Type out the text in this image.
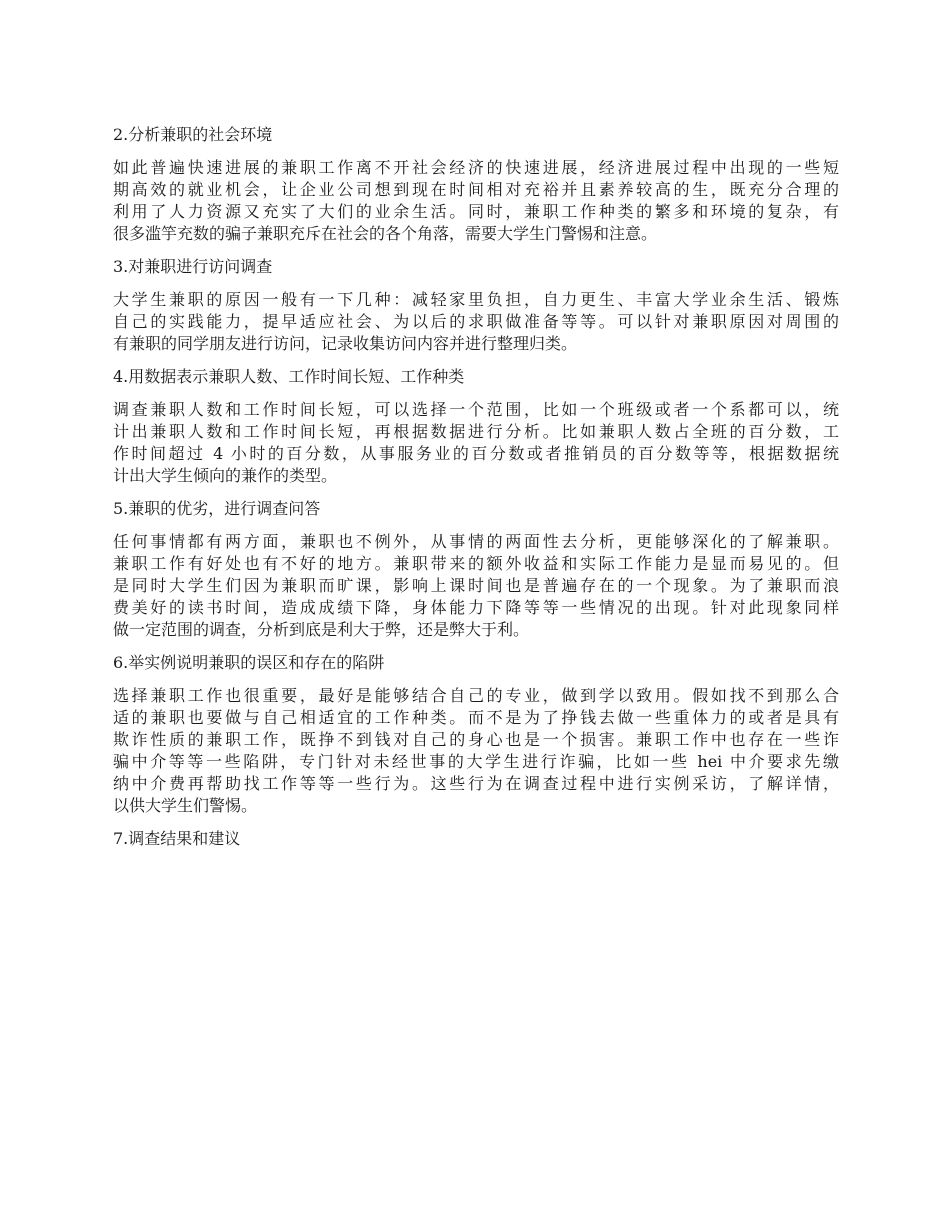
2.分析兼职的社会环境
如此普遍快速进展的兼职工作离不开社会经济的快速进展，经济进展过程中出现的一些短
期高效的就业机会，让企业公司想到现在时间相对充裕并且素养较高的生，既充分合理的
利用了人力资源又充实了大们的业余生活。同时，兼职工作种类的繁多和环境的复杂，有
很多滥竽充数的骗子兼职充斥在社会的各个角落，需要大学生门警惕和注意。
3.对兼职进行访问调查
大学生兼职的原因一般有一下几种：减轻家里负担，自力更生、丰富大学业余生活、锻炼
自己的实践能力，提早适应社会、为以后的求职做准备等等。可以针对兼职原因对周围的
有兼职的同学朋友进行访问，记录收集访问内容并进行整理归类。
4.用数据表示兼职人数、工作时间长短、工作种类
调查兼职人数和工作时间长短，可以选择一个范围，比如一个班级或者一个系都可以，统
计出兼职人数和工作时间长短，再根据数据进行分析。比如兼职人数占全班的百分数，工
作时间超过 4 小时的百分数，从事服务业的百分数或者推销员的百分数等等，根据数据统
计出大学生倾向的兼作的类型。
5.兼职的优劣，进行调查问答
任何事情都有两方面，兼职也不例外，从事情的两面性去分析，更能够深化的了解兼职。
兼职工作有好处也有不好的地方。兼职带来的额外收益和实际工作能力是显而易见的。但
是同时大学生们因为兼职而旷课，影响上课时间也是普遍存在的一个现象。为了兼职而浪
费美好的读书时间，造成成绩下降，身体能力下降等等一些情况的出现。针对此现象同样
做一定范围的调查，分析到底是利大于弊，还是弊大于利。
6.举实例说明兼职的误区和存在的陷阱
选择兼职工作也很重要，最好是能够结合自己的专业，做到学以致用。假如找不到那么合
适的兼职也要做与自己相适宜的工作种类。而不是为了挣钱去做一些重体力的或者是具有
欺诈性质的兼职工作，既挣不到钱对自己的身心也是一个损害。兼职工作中也存在一些诈
骗中介等等一些陷阱，专门针对未经世事的大学生进行诈骗，比如一些 hei 中介要求先缴
纳中介费再帮助找工作等等一些行为。这些行为在调查过程中进行实例采访，了解详情，
以供大学生们警惕。
7.调查结果和建议
